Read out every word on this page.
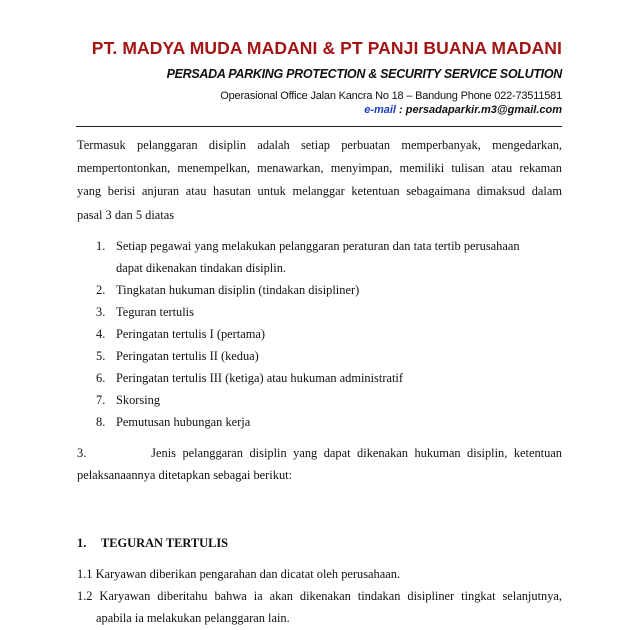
PT. MADYA MUDA MADANI & PT PANJI BUANA MADANI
PERSADA PARKING PROTECTION & SECURITY SERVICE SOLUTION
Operasional Office Jalan Kancra No 18 – Bandung Phone 022-73511581
e-mail : persadaparkir.m3@gmail.com
Termasuk pelanggaran disiplin adalah setiap perbuatan memperbanyak, mengedarkan,
mempertontonkan, menempelkan, menawarkan, menyimpan, memiliki tulisan atau rekaman
yang berisi anjuran atau hasutan untuk melanggar ketentuan sebagaimana dimaksud dalam
pasal 3 dan 5 diatas
1. Setiap pegawai yang melakukan pelanggaran peraturan dan tata tertib perusahaan
dapat dikenakan tindakan disiplin.
2. Tingkatan hukuman disiplin (tindakan disipliner)
3. Teguran tertulis
4. Peringatan tertulis I (pertama)
5. Peringatan tertulis II (kedua)
6. Peringatan tertulis III (ketiga) atau hukuman administratif
7. Skorsing
8. Pemutusan hubungan kerja
3.          Jenis pelanggaran disiplin yang dapat dikenakan hukuman disiplin, ketentuan
pelaksanaannya ditetapkan sebagai berikut:
1. TEGURAN TERTULIS
1.1 Karyawan diberikan pengarahan dan dicatat oleh perusahaan.
1.2 Karyawan diberitahu bahwa ia akan dikenakan tindakan disipliner tingkat selanjutnya,
apabila ia melakukan pelanggaran lain.
